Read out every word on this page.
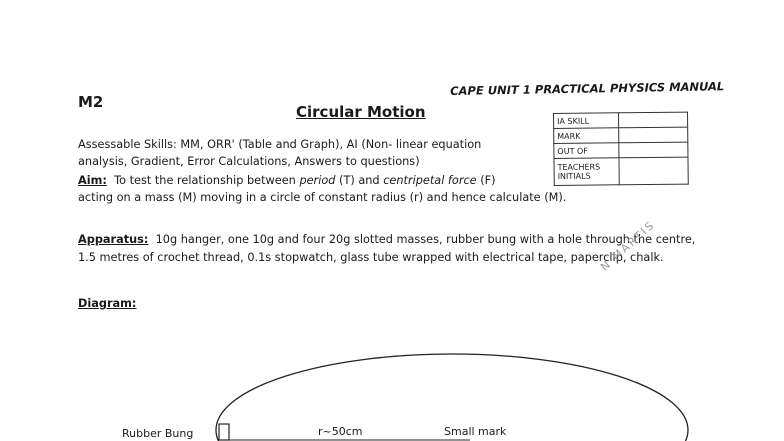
M2
CAPE UNIT 1 PRACTICAL PHYSICS MANUAL
Circular Motion	IA SKILL	
MARK	
OUT OF	
TEACHERS INITIALS	
Assessable Skills: MM, ORR' (Table and Graph), AI (Non- linear equation
analysis, Gradient, Error Calculations, Answers to questions)
Aim: To test the relationship between period (T) and centripetal force (F)
acting on a mass (M) moving in a circle of constant radius (r) and hence calculate (M).
Apparatus: 10g hanger, one 10g and four 20g slotted masses, rubber bung with a hole through the centre,
1.5 metres of crochet thread, 0.1s stopwatch, glass tube wrapped with electrical tape, paperclip, chalk.
Diagram:
N MARTIS
Rubber Bung	r~50cm	Small mark
